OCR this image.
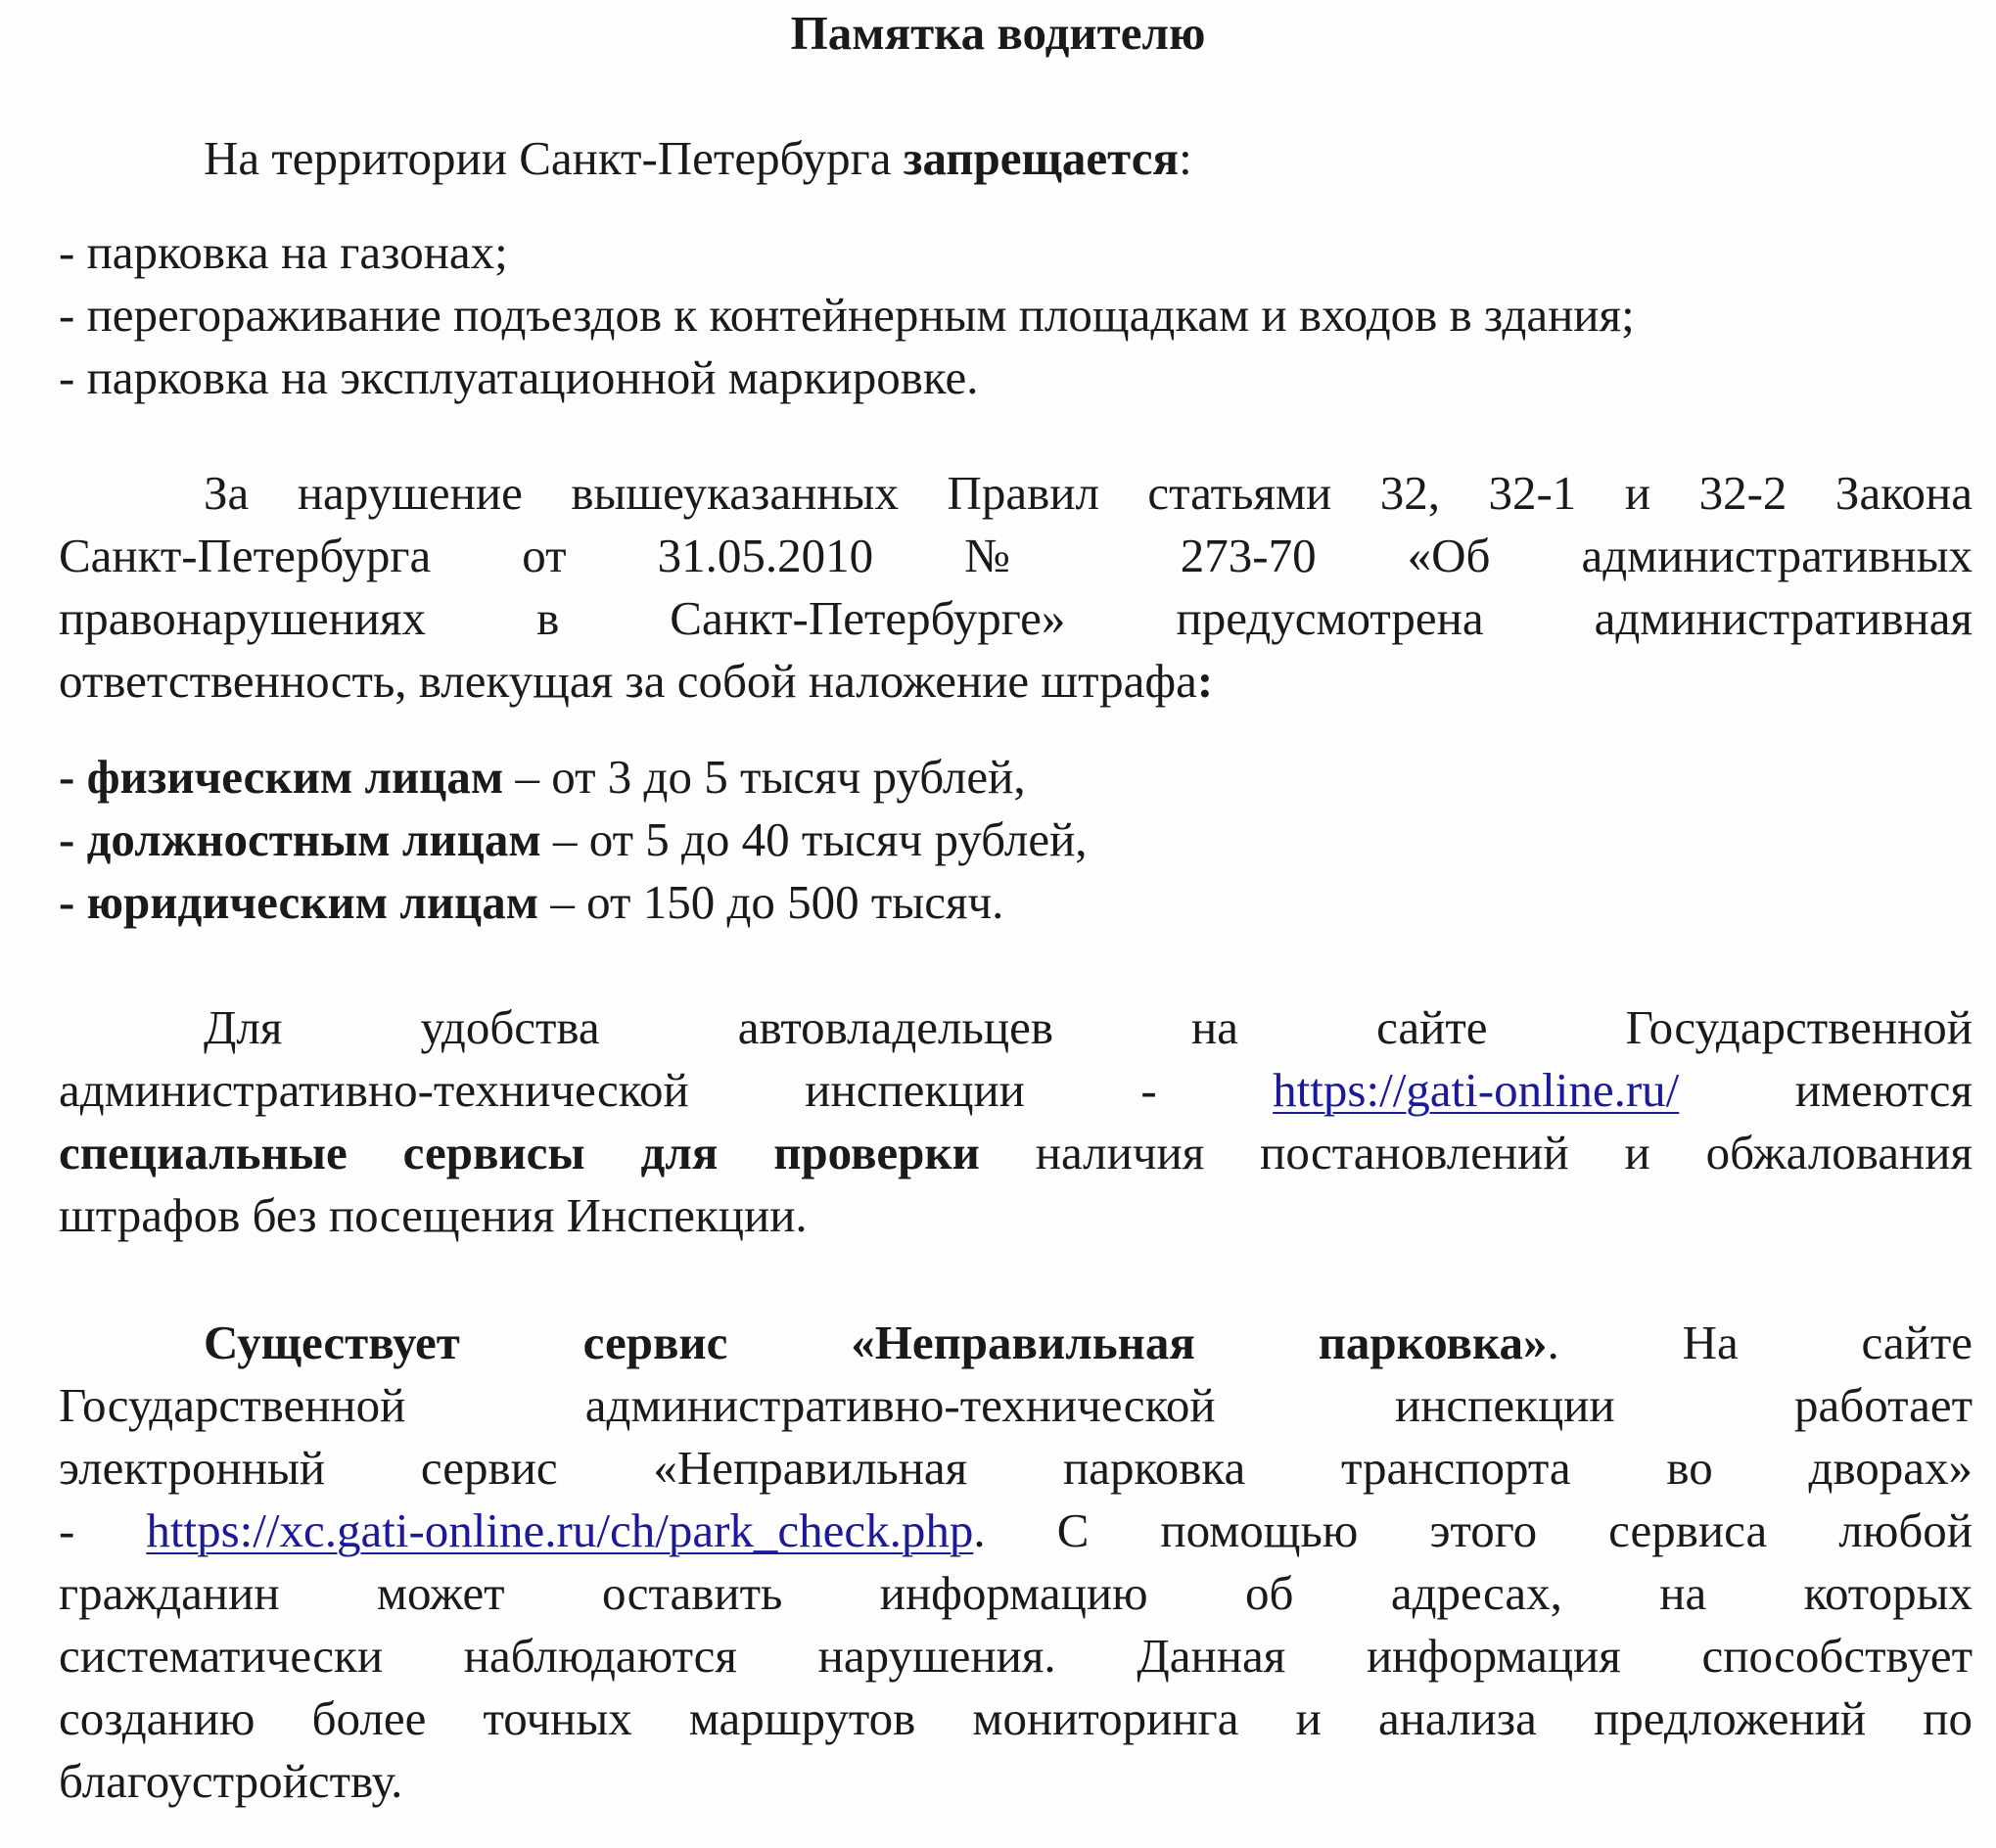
Памятка водителю
На территории Санкт-Петербурга запрещается:
- парковка на газонах;
- перегораживание подъездов к контейнерным площадкам и входов в здания;
- парковка на эксплуатационной маркировке.
За нарушение вышеуказанных Правил статьями 32, 32-1 и 32-2 Закона
Санкт-Петербурга от 31.05.2010 № 273-70 «Об административных
правонарушениях в Санкт-Петербурге» предусмотрена административная
ответственность, влекущая за собой наложение штрафа:
- физическим лицам – от 3 до 5 тысяч рублей,
- должностным лицам – от 5 до 40 тысяч рублей,
- юридическим лицам – от 150 до 500 тысяч.
Для удобства автовладельцев на сайте Государственной
административно-технической инспекции - https://gati-online.ru/ имеются
специальные сервисы для проверки наличия постановлений и обжалования
штрафов без посещения Инспекции.
Существует сервис «Неправильная парковка». На сайте
Государственной административно-технической инспекции работает
электронный сервис «Неправильная парковка транспорта во дворах»
- https://xc.gati-online.ru/ch/park_check.php. С помощью этого сервиса любой
гражданин может оставить информацию об адресах, на которых
систематически наблюдаются нарушения. Данная информация способствует
созданию более точных маршрутов мониторинга и анализа предложений по
благоустройству.
